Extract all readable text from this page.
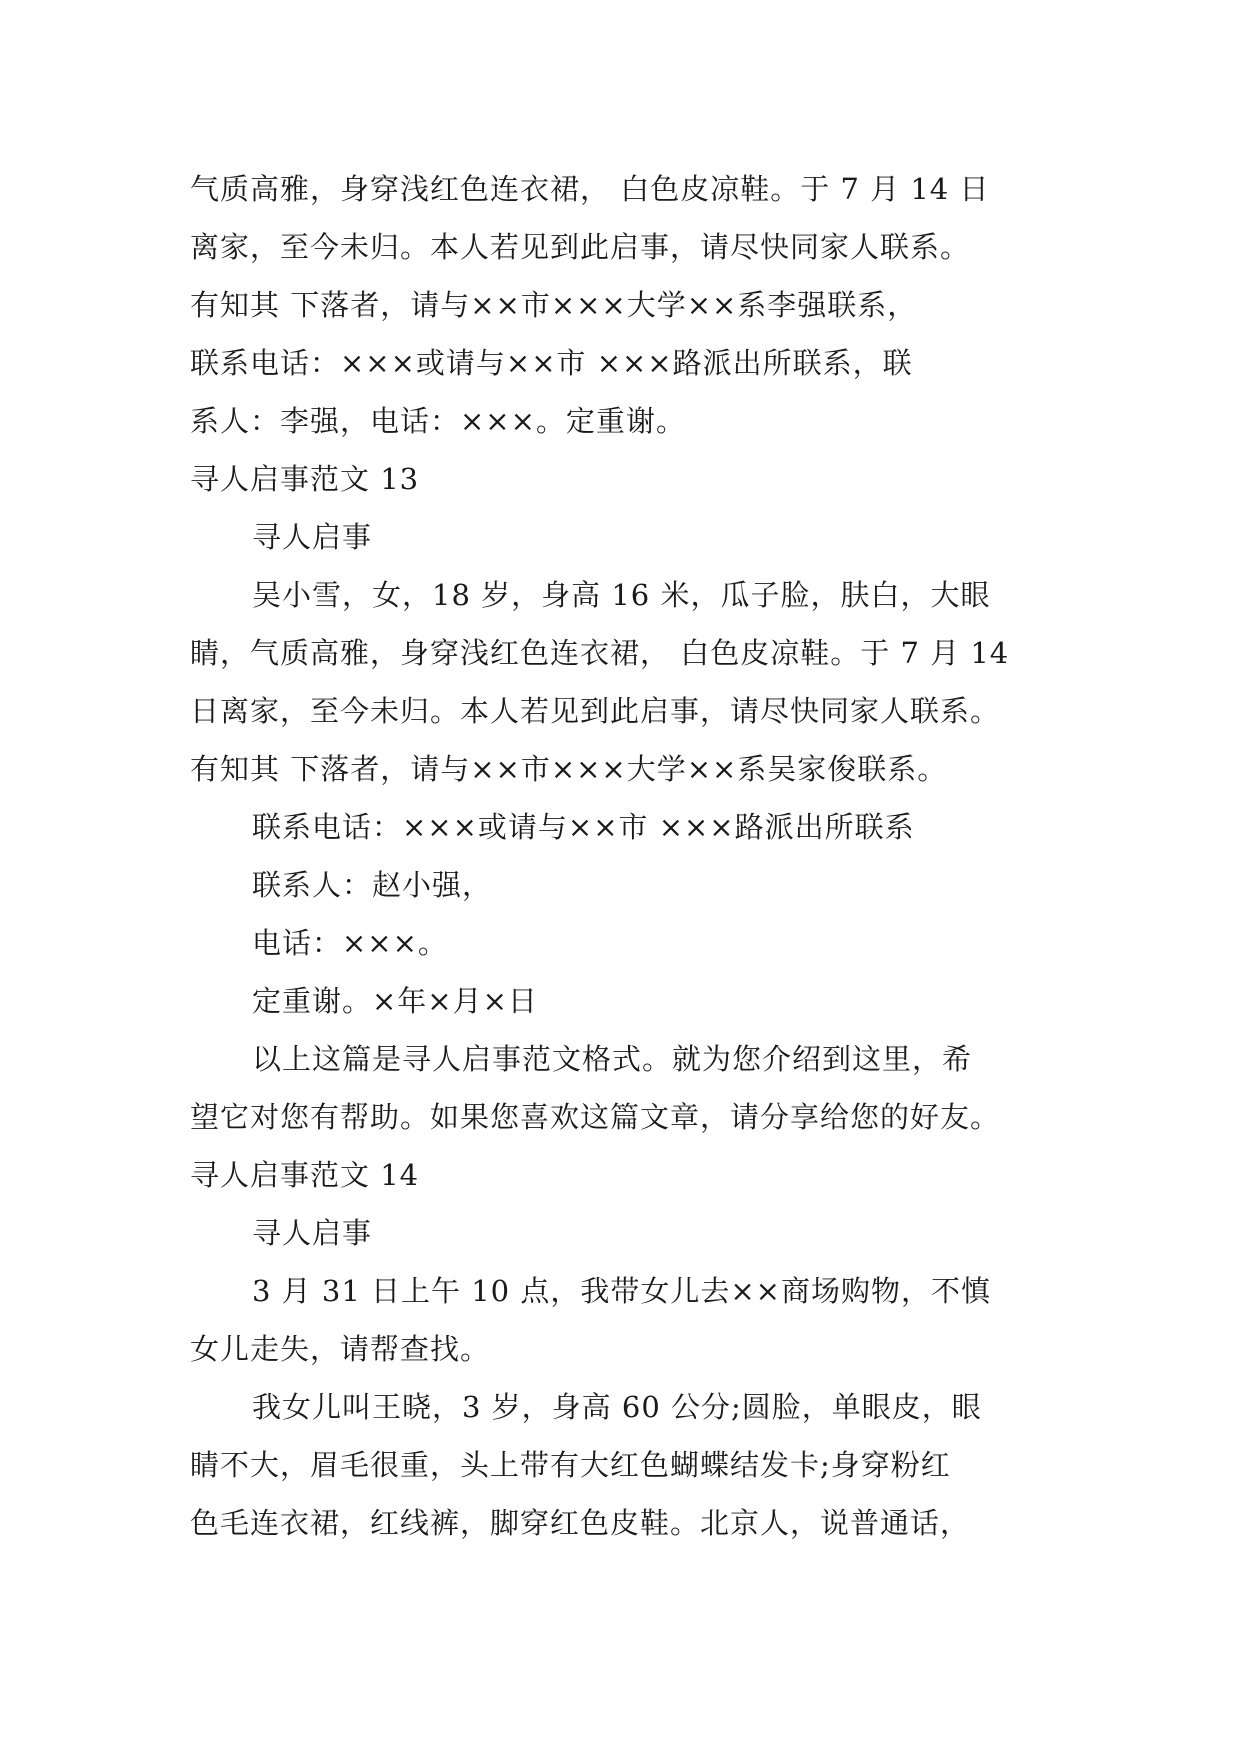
气质高雅，身穿浅红色连衣裙， 白色皮凉鞋。于 7 月 14 日
离家，至今未归。本人若见到此启事，请尽快同家人联系。
有知其 下落者，请与××市×××大学××系李强联系，
联系电话：×××或请与××市 ×××路派出所联系，联
系人：李强，电话：×××。定重谢。
寻人启事范文 13
寻人启事
吴小雪，女，18 岁，身高 16 米，瓜子脸，肤白，大眼
睛，气质高雅，身穿浅红色连衣裙， 白色皮凉鞋。于 7 月 14
日离家，至今未归。本人若见到此启事，请尽快同家人联系。
有知其 下落者，请与××市×××大学××系吴家俊联系。
联系电话：×××或请与××市 ×××路派出所联系
联系人：赵小强，
电话：×××。
定重谢。×年×月×日
以上这篇是寻人启事范文格式。就为您介绍到这里，希
望它对您有帮助。如果您喜欢这篇文章，请分享给您的好友。
寻人启事范文 14
寻人启事
3 月 31 日上午 10 点，我带女儿去××商场购物，不慎
女儿走失，请帮查找。
我女儿叫王晓，3 岁，身高 60 公分;圆脸，单眼皮，眼
睛不大，眉毛很重，头上带有大红色蝴蝶结发卡;身穿粉红
色毛连衣裙，红线裤，脚穿红色皮鞋。北京人，说普通话，
